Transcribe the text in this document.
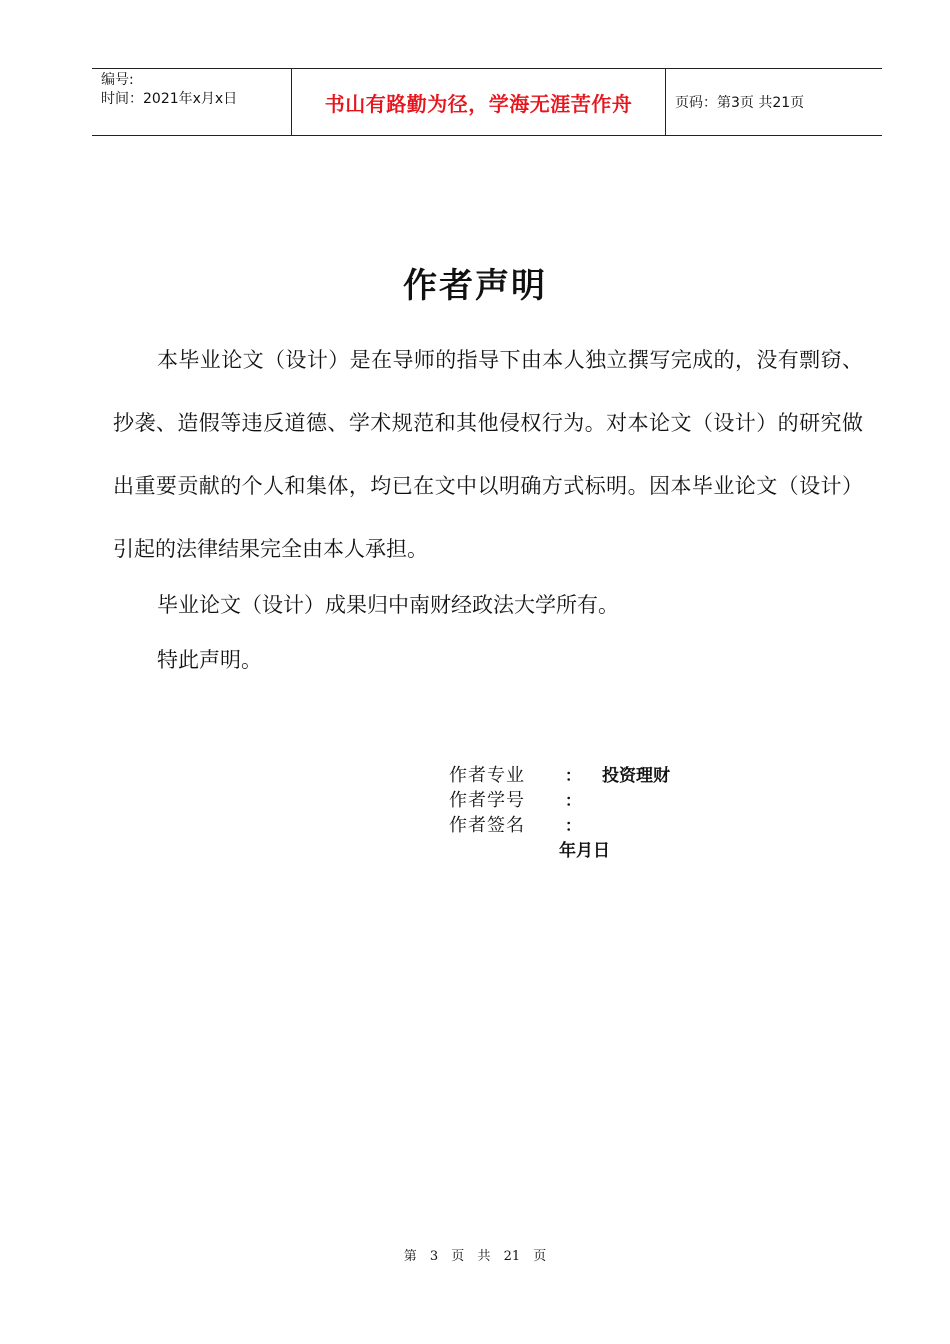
编号:
时间：2021年x月x日	书山有路勤为径，学海无涯苦作舟	页码：第3页 共21页
作者声明
本毕业论文（设计）是在导师的指导下由本人独立撰写完成的，没有剽窃、抄袭、造假等违反道德、学术规范和其他侵权行为。对本论文（设计）的研究做出重要贡献的个人和集体，均已在文中以明确方式标明。因本毕业论文（设计）引起的法律结果完全由本人承担。
毕业论文（设计）成果归中南财经政法大学所有。
特此声明。
作者专业	： 投资理财
作者学号	：
作者签名	：
年月日
第 3 页 共 21 页
